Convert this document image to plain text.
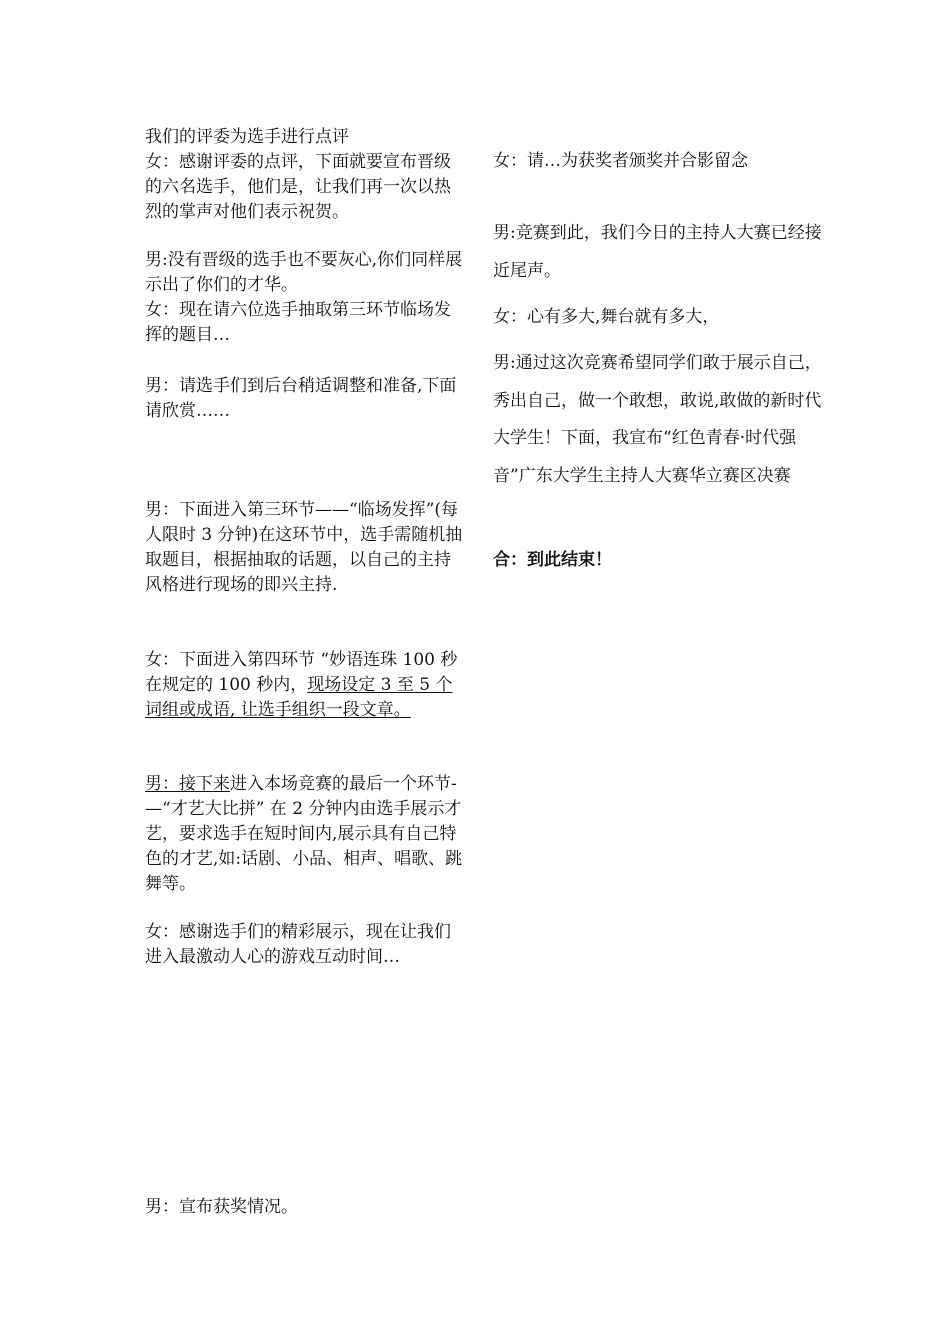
我们的评委为选手进行点评

女：感谢评委的点评，下面就要宣布晋级的六名选手，他们是，让我们再一次以热烈的掌声对他们表示祝贺。

男:没有晋级的选手也不要灰心,你们同样展示出了你们的才华。

女：现在请六位选手抽取第三环节临场发挥的题目…

男：请选手们到后台稍适调整和准备,下面请欣赏……

男：下面进入第三环节——“临场发挥”(每人限时 3 分钟)在这环节中，选手需随机抽取题目，根据抽取的话题，以自己的主持风格进行现场的即兴主持.

女：下面进入第四环节 “妙语连珠 100 秒在规定的 100 秒内，现场设定 3 至 5 个词组或成语, 让选手组织一段文章。

男：接下来进入本场竞赛的最后一个环节-—“才艺大比拼” 在 2 分钟内由选手展示才艺，要求选手在短时间内,展示具有自己特色的才艺,如:话剧、小品、相声、唱歌、跳舞等。

女：感谢选手们的精彩展示，现在让我们进入最激动人心的游戏互动时间…

男：宣布获奖情况。

女：请…为获奖者颁奖并合影留念

男:竞赛到此，我们今日的主持人大赛已经接近尾声。

女：心有多大,舞台就有多大，

男:通过这次竞赛希望同学们敢于展示自己，秀出自己，做一个敢想，敢说,敢做的新时代大学生！下面，我宣布“红色青春·时代强音”广东大学生主持人大赛华立赛区决赛

合：到此结束！
